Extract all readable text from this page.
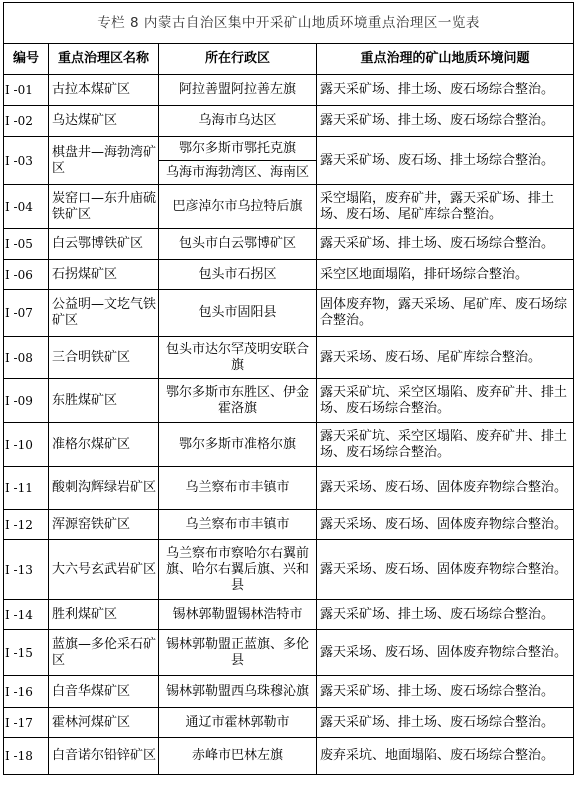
专栏 8 内蒙古自治区集中开采矿山地质环境重点治理区一览表			
编号	重点治理区名称	所在行政区	重点治理的矿山地质环境问题
I -01	古拉本煤矿区	阿拉善盟阿拉善左旗	露天采矿场、排土场、废石场综合整治。
I -02	乌达煤矿区	乌海市乌达区	露天采矿场、排土场、废石场综合整治。
I -03	棋盘井—海勃湾矿区	鄂尔多斯市鄂托克旗	露天采矿场、废石场、排土场综合整治。
		乌海市海勃湾区、海南区	
I -04	炭窑口—东升庙硫铁矿区	巴彦淖尔市乌拉特后旗	采空塌陷，废弃矿井，露天采矿场、排土场、废石场、尾矿库综合整治。
I -05	白云鄂博铁矿区	包头市白云鄂博矿区	露天采矿场、排土场、废石场综合整治。
I -06	石拐煤矿区	包头市石拐区	采空区地面塌陷，排矸场综合整治。
I -07	公益明—文圪气铁矿区	包头市固阳县	固体废弃物，露天采场、尾矿库、废石场综合整治。
I -08	三合明铁矿区	包头市达尔罕茂明安联合旗	露天采场、废石场、尾矿库综合整治。
I -09	东胜煤矿区	鄂尔多斯市东胜区、伊金霍洛旗	露天采矿坑、采空区塌陷、废弃矿井、排土场、废石场综合整治。
I -10	准格尔煤矿区	鄂尔多斯市准格尔旗	露天采矿坑、采空区塌陷、废弃矿井、排土场、废石场综合整治。
I -11	酸刺沟辉绿岩矿区	乌兰察布市丰镇市	露天采场、废石场、固体废弃物综合整治。
I -12	浑源窑铁矿区	乌兰察布市丰镇市	露天采场、废石场、固体废弃物综合整治。
I -13	大六号玄武岩矿区	乌兰察布市察哈尔右翼前旗、哈尔右翼后旗、兴和县	露天采场、废石场、固体废弃物综合整治。
I -14	胜利煤矿区	锡林郭勒盟锡林浩特市	露天采矿场、排土场、废石场综合整治。
I -15	蓝旗—多伦采石矿区	锡林郭勒盟正蓝旗、多伦县	露天采场、废石场、固体废弃物综合整治。
I -16	白音华煤矿区	锡林郭勒盟西乌珠穆沁旗	露天采矿场、排土场、废石场综合整治。
I -17	霍林河煤矿区	通辽市霍林郭勒市	露天采矿场、排土场、废石场综合整治。
I -18	白音诺尔铅锌矿区	赤峰市巴林左旗	废弃采坑、地面塌陷、废石场综合整治。
